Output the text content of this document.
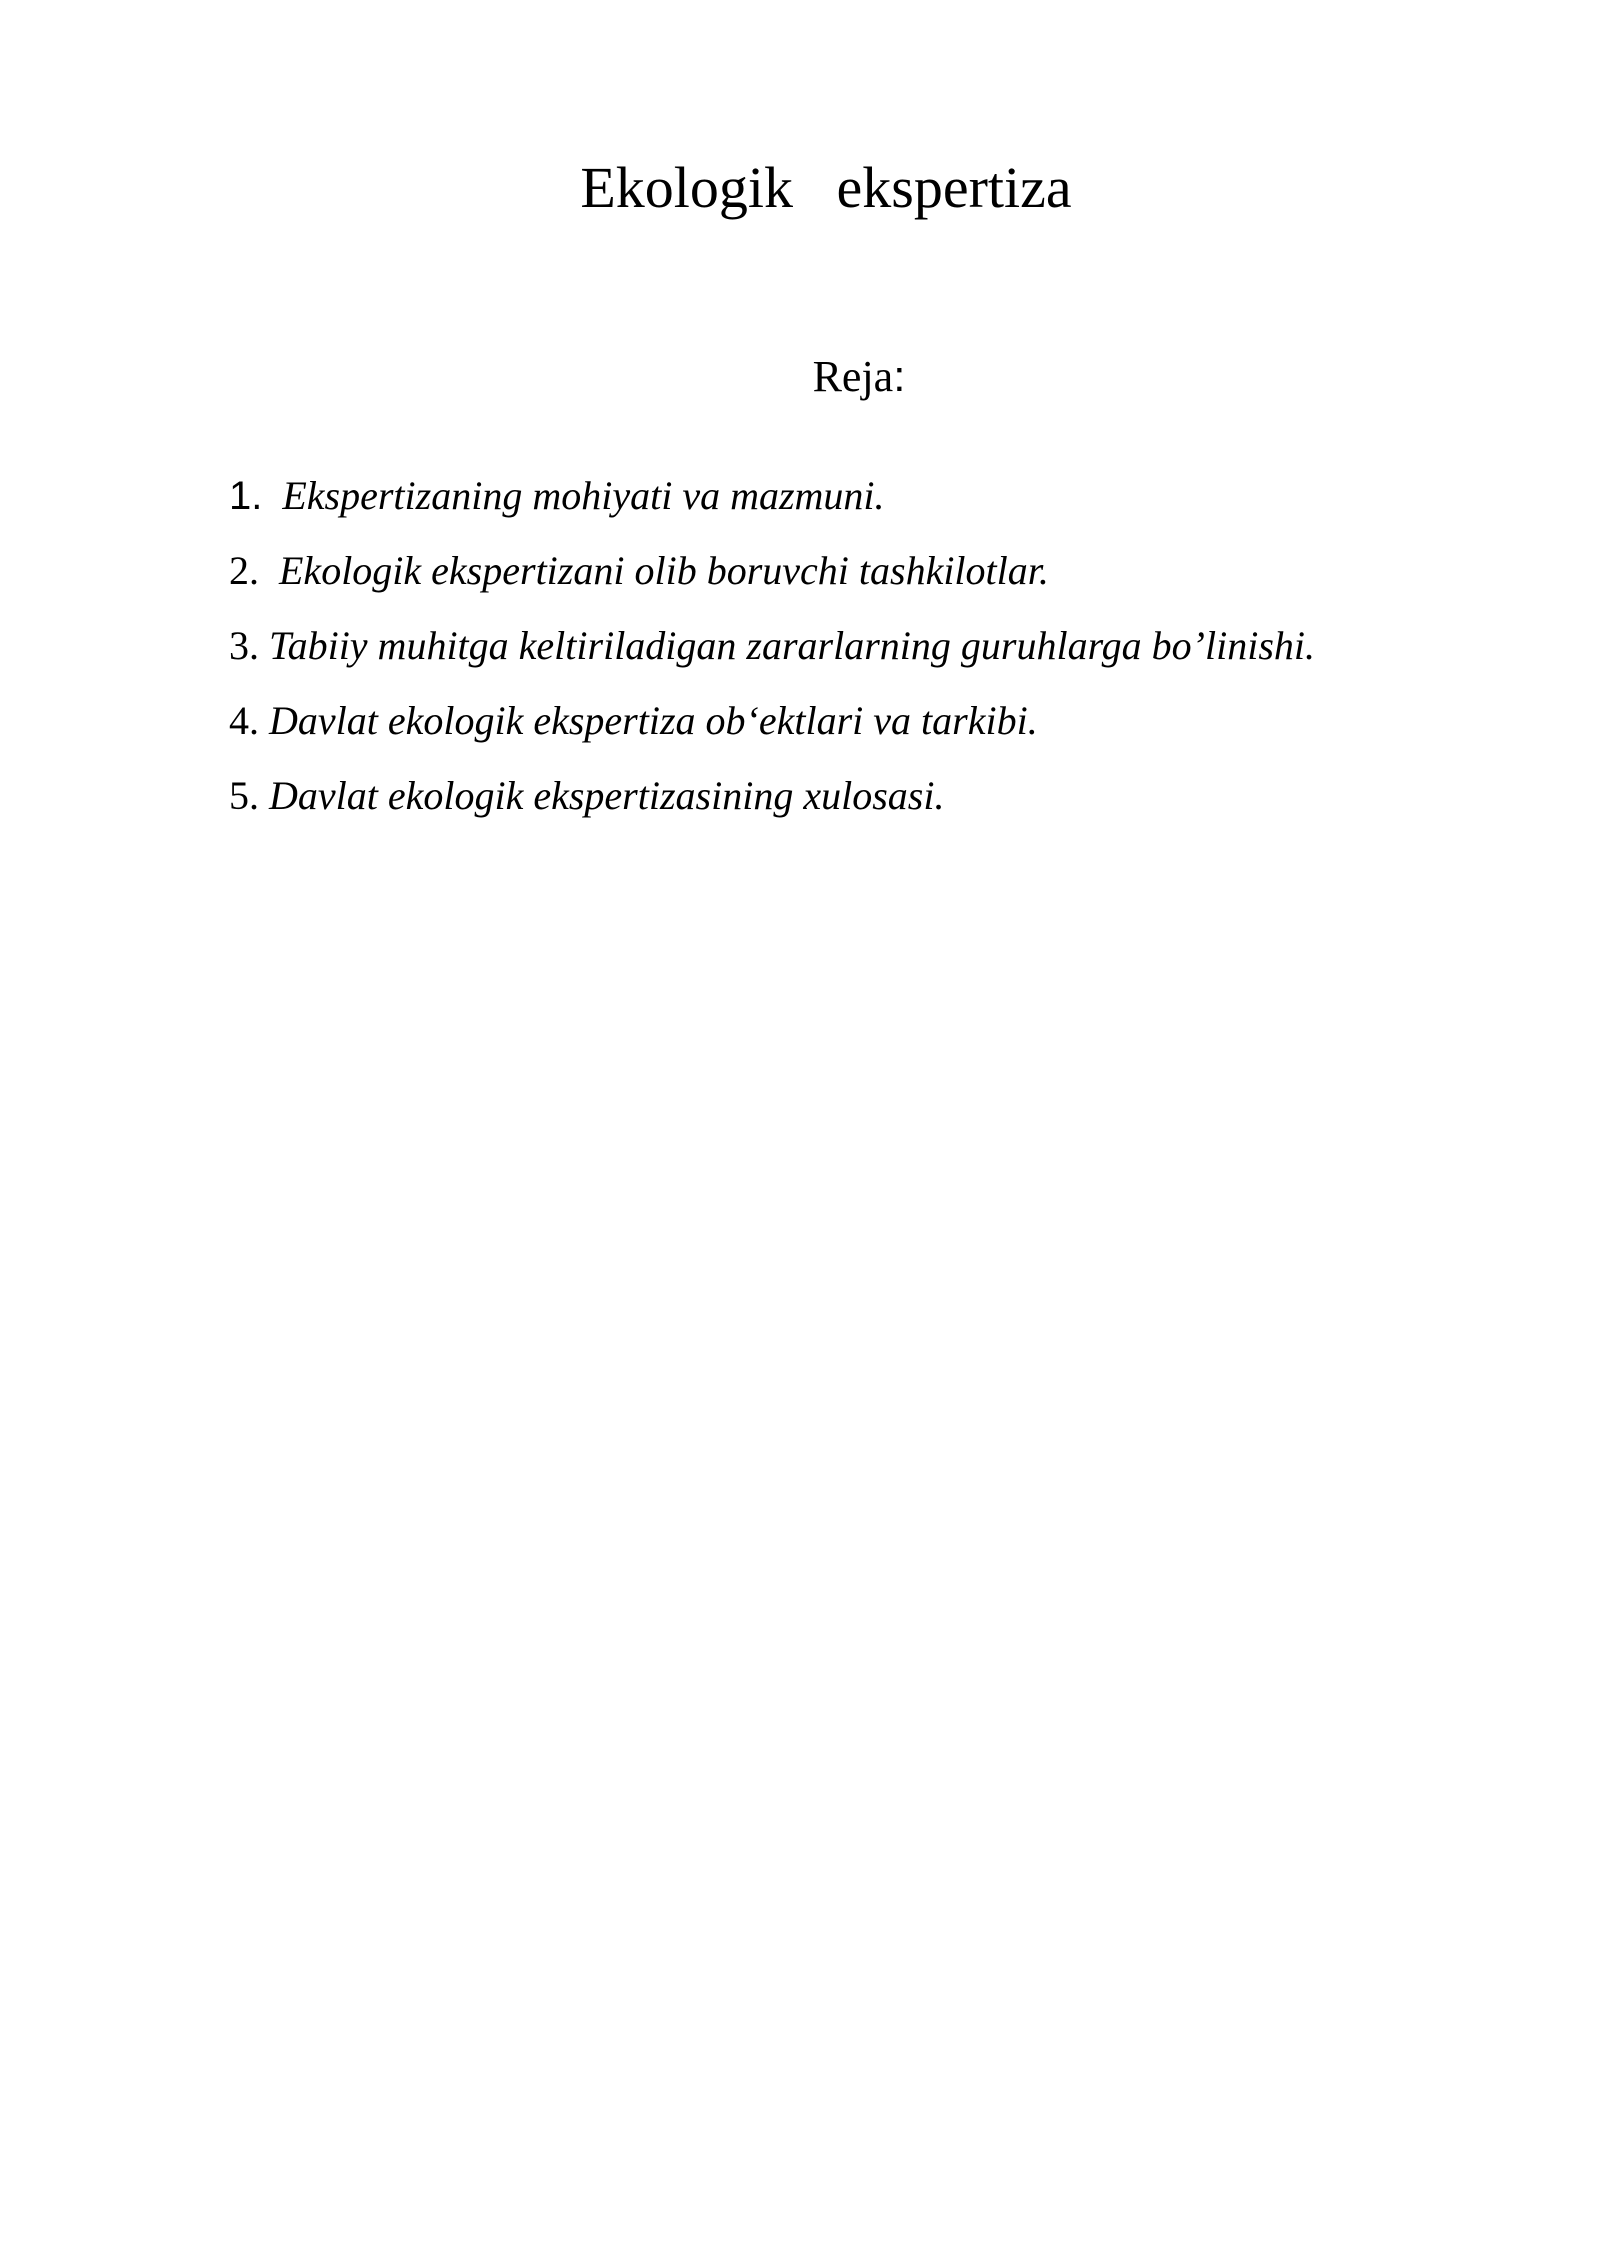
Ekologik   ekspertiza
Reja:
1. Ekspertizaning mohiyati va mazmuni.
2. Ekologik ekspertizani olib boruvchi tashkilotlar.
3. Tabiiy muhitga keltiriladigan zararlarning guruhlarga bo’linishi.
4. Davlat ekologik ekspertiza ob‘ektlari va tarkibi.
5. Davlat ekologik ekspertizasining xulosasi.
